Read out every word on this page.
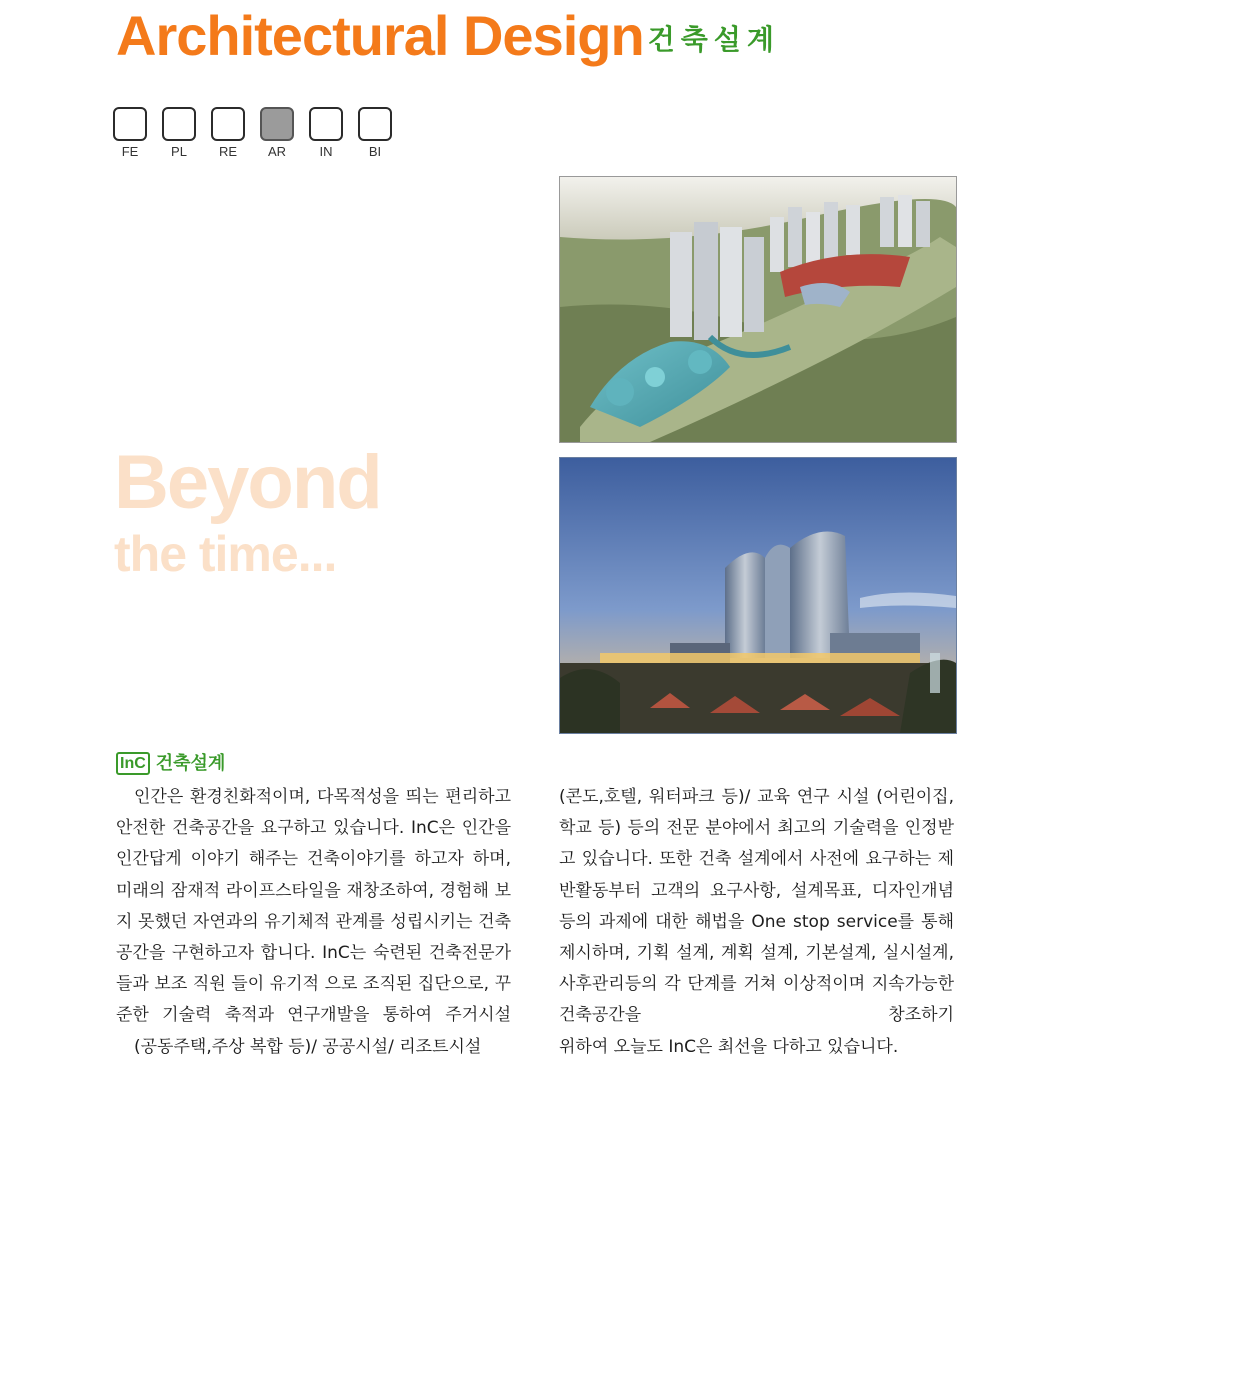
Architectural Design 건축설계
FE	PL RE AR	IN	BI
Beyond
the time...
InC 건축설계
인간은 환경친화적이며, 다목적성을 띄는 편리하고 안전한 건축공간을 요구하고 있습니다. InC은 인간을 인간답게 이야기 해주는 건축이야기를 하고자 하며, 미래의 잠재적 라이프스타일을 재창조하여, 경험해 보지 못했던 자연과의 유기체적 관계를 성립시키는 건축공간을 구현하고자 합니다. InC는 숙련된 건축전문가들과 보조 직원 들이 유기적 으로 조직된 집단으로, 꾸준한 기술력 축적과 연구개발을 통하여 주거시설
(공동주택,주상 복합 등)/ 공공시설/ 리조트시설
(콘도,호텔, 워터파크 등)/ 교육 연구 시설 (어린이집,학교 등) 등의 전문 분야에서 최고의 기술력을 인정받고 있습니다. 또한 건축 설계에서 사전에 요구하는 제반활동부터 고객의 요구사항, 설계목표, 디자인개념 등의 과제에 대한 해법을 One stop service를 통해 제시하며, 기획 설계, 계획 설계, 기본설계, 실시설계, 사후관리등의 각 단계를 거쳐 이상적이며 지속가능한 건축공간을 창조하기
위하여 오늘도 InC은 최선을 다하고 있습니다.
